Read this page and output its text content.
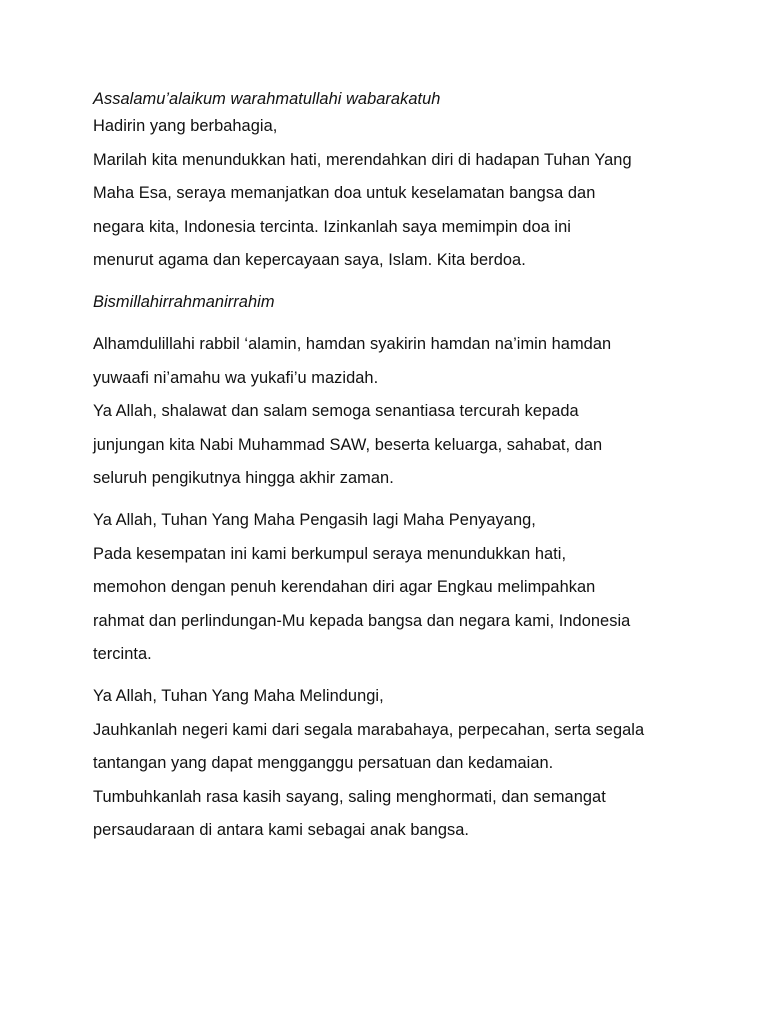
Assalamu’alaikum warahmatullahi wabarakatuh
Hadirin yang berbahagia,
Marilah kita menundukkan hati, merendahkan diri di hadapan Tuhan Yang
Maha Esa, seraya memanjatkan doa untuk keselamatan bangsa dan
negara kita, Indonesia tercinta. Izinkanlah saya memimpin doa ini
menurut agama dan kepercayaan saya, Islam. Kita berdoa.
Bismillahirrahmanirrahim
Alhamdulillahi rabbil ‘alamin, hamdan syakirin hamdan na’imin hamdan
yuwaafi ni’amahu wa yukafi’u mazidah.
Ya Allah, shalawat dan salam semoga senantiasa tercurah kepada
junjungan kita Nabi Muhammad SAW, beserta keluarga, sahabat, dan
seluruh pengikutnya hingga akhir zaman.
Ya Allah, Tuhan Yang Maha Pengasih lagi Maha Penyayang,
Pada kesempatan ini kami berkumpul seraya menundukkan hati,
memohon dengan penuh kerendahan diri agar Engkau melimpahkan
rahmat dan perlindungan-Mu kepada bangsa dan negara kami, Indonesia
tercinta.
Ya Allah, Tuhan Yang Maha Melindungi,
Jauhkanlah negeri kami dari segala marabahaya, perpecahan, serta segala
tantangan yang dapat mengganggu persatuan dan kedamaian.
Tumbuhkanlah rasa kasih sayang, saling menghormati, dan semangat
persaudaraan di antara kami sebagai anak bangsa.
